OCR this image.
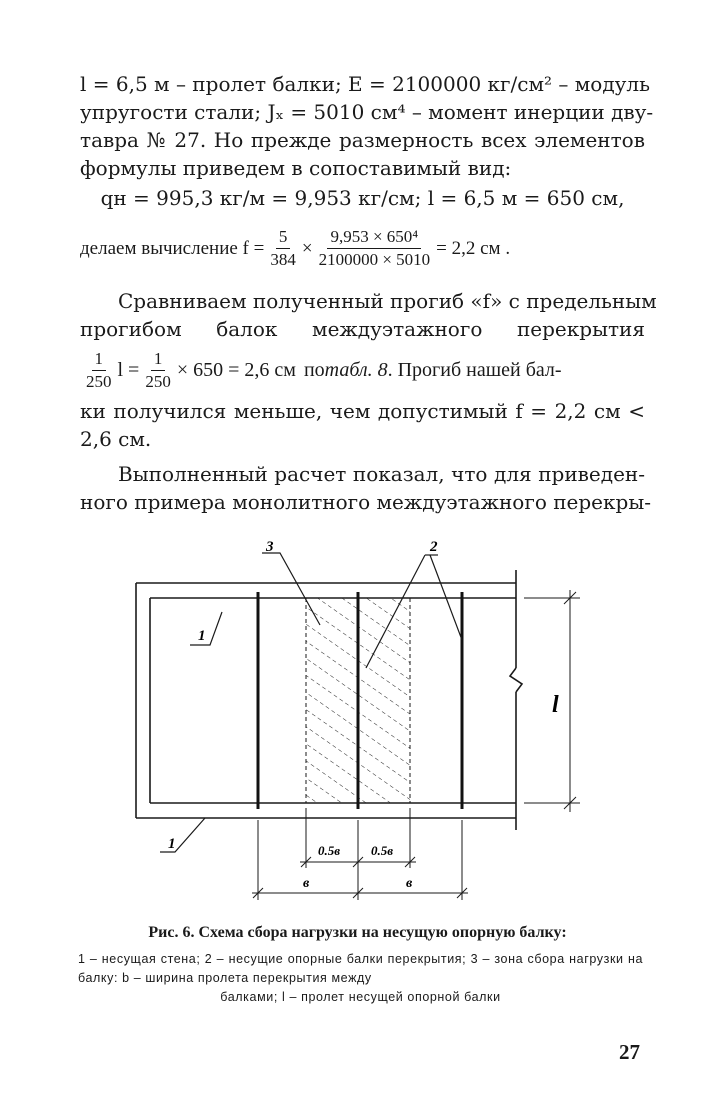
l = 6,5 м – пролет балки; E = 2100000 кг/см² – модуль
упругости стали; Jₓ = 5010 см⁴ – момент инерции дву-
тавра № 27. Но прежде размерность всех элементов
формулы приведем в сопоставимый вид:
qн = 995,3 кг/м = 9,953 кг/см; l = 6,5 м = 650 см,
делаем вычисление $f = \frac{5}{384} \times \frac{\text{9,953 × 650⁴}}{2100000 \times 5010} = 2,2$ см .
Сравниваем полученный прогиб «f» с предельным
прогибом балок междуэтажного перекрытия
$\frac{1}{250}$ $l = \frac{1}{250} \times 650 = 2,6$ см по табл. 8 . Прогиб нашей бал-
ки получился меньше, чем допустимый f = 2,2 см <
2,6 см.
Выполненный расчет показал, что для приведен-
ного примера монолитного междуэтажного перекры-
3	2
1
1
l
0.5в 0.5в
в	в
Рис. 6. Схема сбора нагрузки на несущую опорную балку:
1 – несущая стена; 2 – несущие опорные балки перекрытия; 3 – зона сбора нагрузки на балку: b – ширина пролета перекрытия между
балками; l – пролет несущей опорной балки
27
